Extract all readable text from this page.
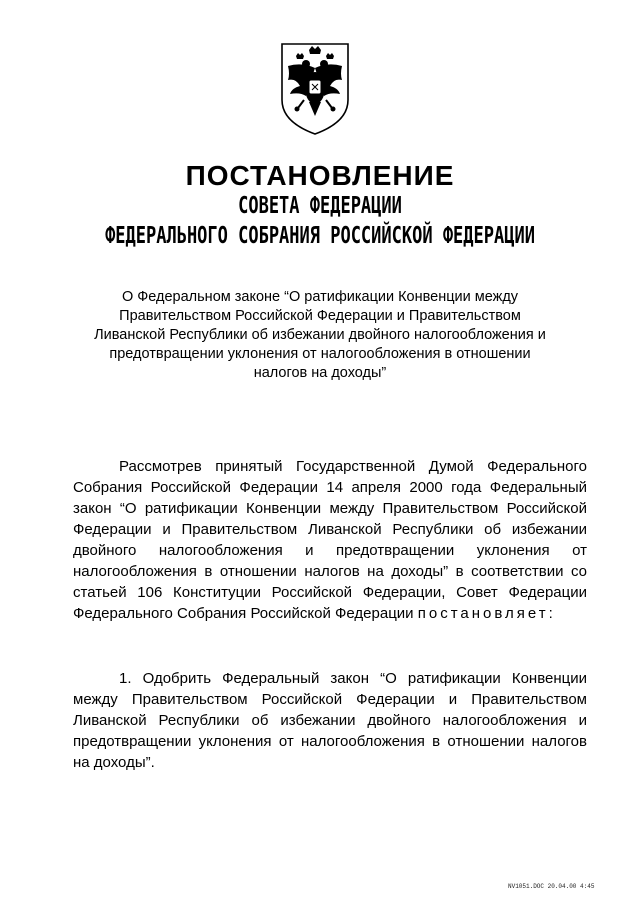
ПОСТАНОВЛЕНИЕ
СОВЕТА ФЕДЕРАЦИИ
ФЕДЕРАЛЬНОГО СОБРАНИЯ РОССИЙСКОЙ ФЕДЕРАЦИИ
О Федеральном законе “О ратификации Конвенции между Правительством Российской Федерации и Правительством Ливанской Республики об избежании двойного налогообложения и предотвращении уклонения от налогообложения в отношении налогов на доходы”
Рассмотрев принятый Государственной Думой Федерального Собрания Российской Федерации 14 апреля 2000 года Федеральный закон “О ратификации Конвенции между Правительством Российской Федерации и Правительством Ливанской Республики об избежании двойного налогообложения и предотвращении уклонения от налогообложения в отношении налогов на доходы” в соответствии со статьей 106 Конституции Российской Федерации, Совет Федерации Федерального Собрания Российской Федерации постановляет:
1. Одобрить Федеральный закон “О ратификации Конвенции между Правительством Российской Федерации и Правительством Ливанской Республики об избежании двойного налогообложения и предотвращении уклонения от налогообложения в отношении налогов на доходы”.
NV1051.DOC 20.04.00 4:45
